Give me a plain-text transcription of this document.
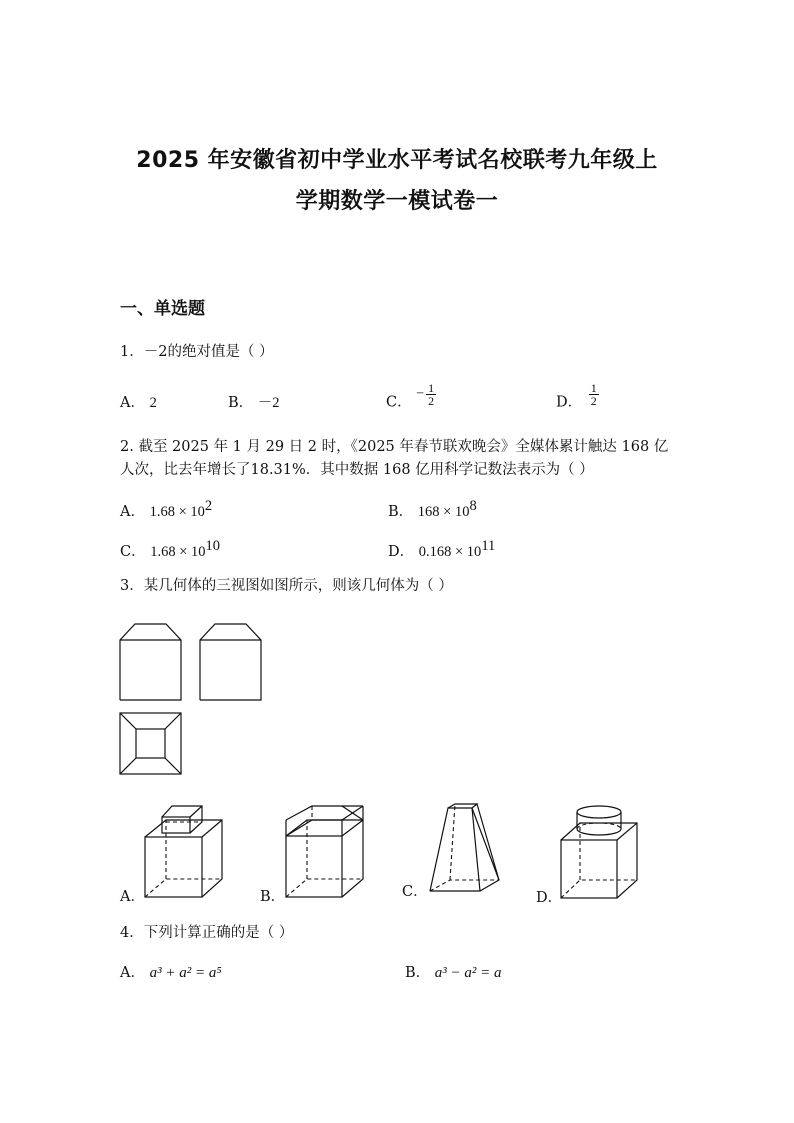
2025 年安徽省初中学业水平考试名校联考九年级上
学期数学一模试卷一
一、单选题
1．－2的绝对值是（ ）
A． 2	B． －2	C． − $\frac{1}{2}$	D． $\frac{1}{2}$
2. 截至 2025 年 1 月 29 日 2 时，《2025 年春节联欢晚会》全媒体累计触达 168 亿
人次，比去年增长了18.31%．其中数据 168 亿用科学记数法表示为（ ）
A． $1.68 \times 10^2$	B． $168 \times 10^8$
C． $1.68 \times 10^{10}$	D． $0.168 \times 10^{11}$
3．某几何体的三视图如图所示，则该几何体为（ ）
A．	B．	C．	D．
4．下列计算正确的是（ ）
A． a³ + a² = a⁵	B． a³ − a² = a
